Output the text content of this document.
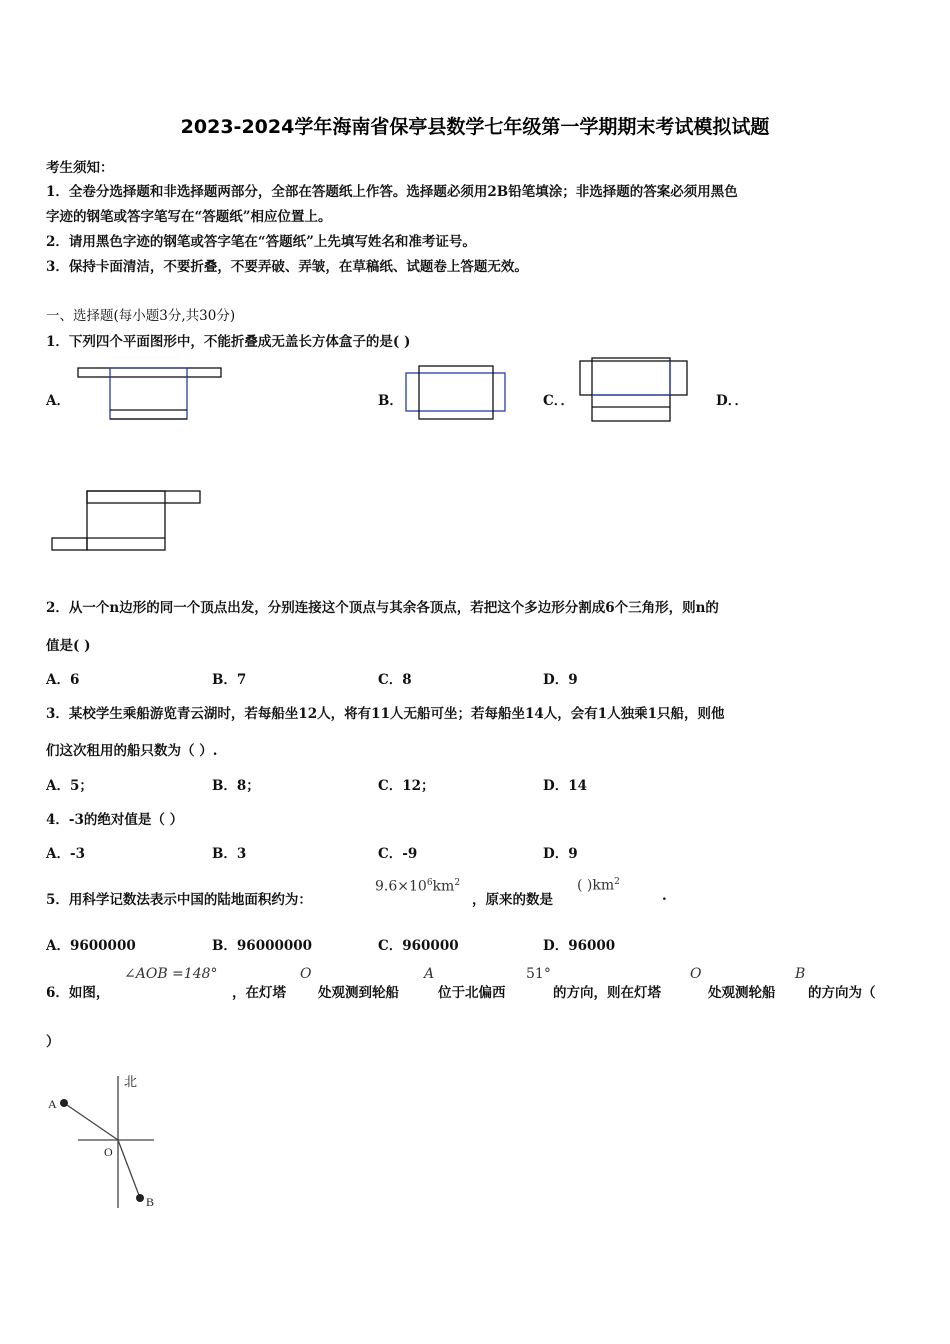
2023-2024学年海南省保亭县数学七年级第一学期期末考试模拟试题
考生须知：
1．全卷分选择题和非选择题两部分，全部在答题纸上作答。选择题必须用2B铅笔填涂；非选择题的答案必须用黑色
字迹的钢笔或答字笔写在“答题纸”相应位置上。
2．请用黑色字迹的钢笔或答字笔在“答题纸”上先填写姓名和准考证号。
3．保持卡面清洁，不要折叠，不要弄破、弄皱，在草稿纸、试题卷上答题无效。
一、选择题(每小题3分,共30分)
1．下列四个平面图形中，不能折叠成无盖长方体盒子的是( )
A．	B．	C．．	D．．
2．从一个n边形的同一个顶点出发，分别连接这个顶点与其余各顶点，若把这个多边形分割成6个三角形，则n的
值是( )
A．6	B．7	C．8	D．9
3．某校学生乘船游览青云湖时，若每船坐12人，将有11人无船可坐；若每船坐14人，会有1人独乘1只船，则他
们这次租用的船只数为（ ）.
A．5；	B．8；	C．12；	D．14
4．-3的绝对值是（ ）
A．-3	B．3	C．-9	D．9
5．用科学记数法表示中国的陆地面积约为：
$9.6\times 10^6km^2$
，原来的数是
( )$km^2$
.
A．9600000	B．96000000	C．960000	D．96000
6．如图，
∠AOB =148°
，在灯塔
O
处观测到轮船
A
位于北偏西
51°
的方向，则在灯塔
O
处观测轮船
B
的方向为（
）
北
A
O
B
